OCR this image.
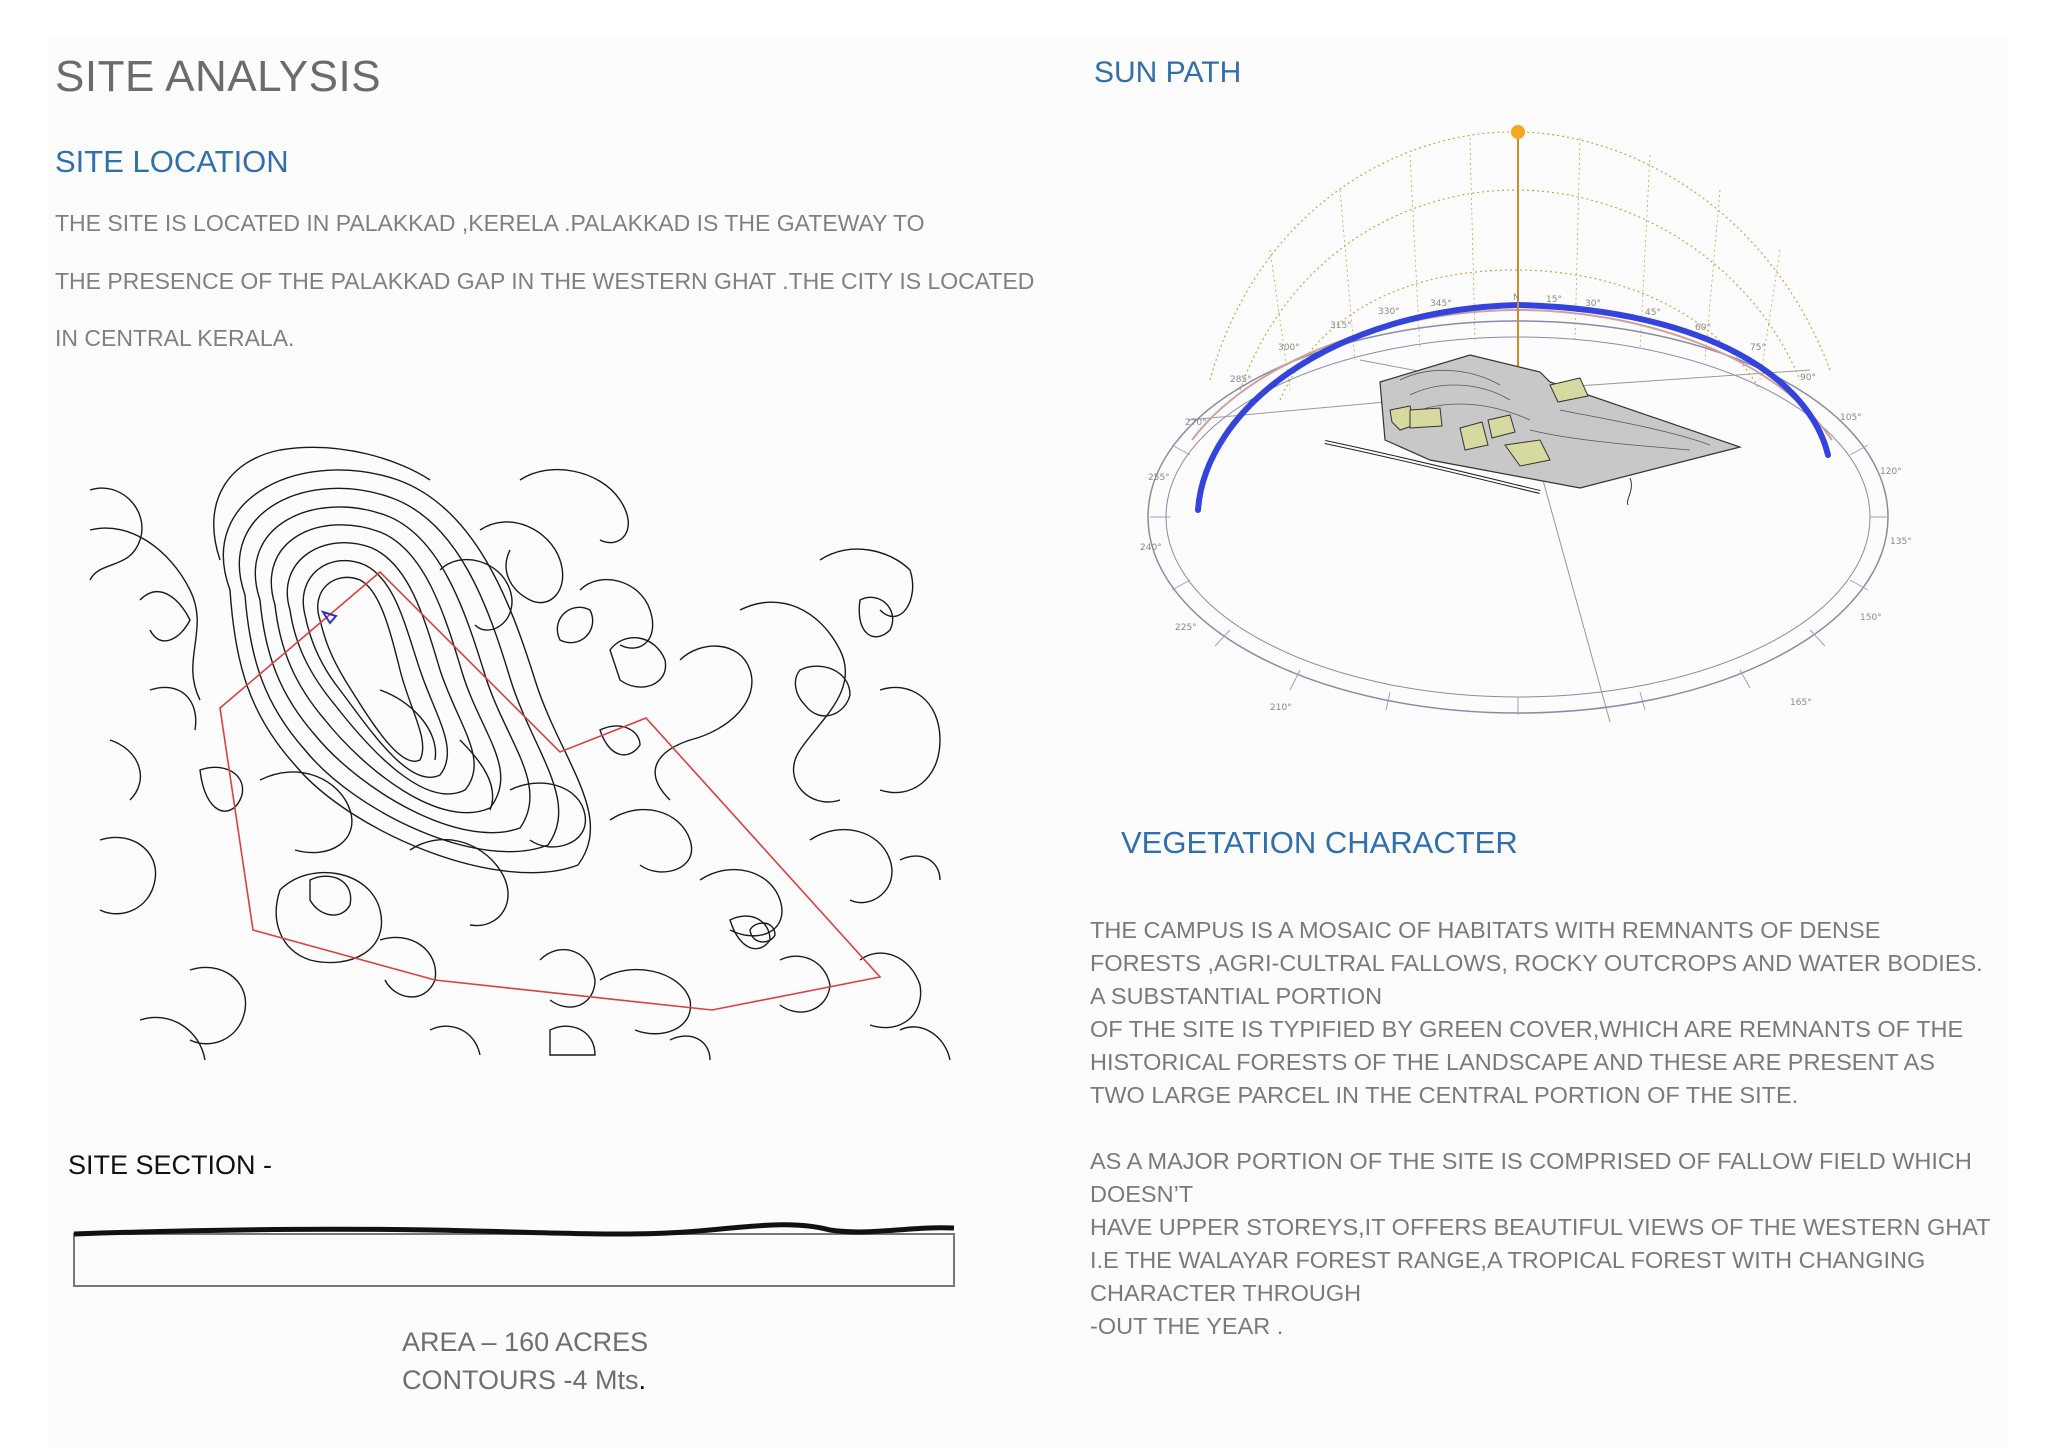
SITE ANALYSIS
SITE LOCATION
THE SITE IS LOCATED IN PALAKKAD ,KERELA .PALAKKAD IS THE GATEWAY TO
THE PRESENCE OF THE PALAKKAD GAP IN THE WESTERN GHAT .THE CITY IS LOCATED
IN CENTRAL KERALA.
SITE SECTION -
AREA – 160 ACRES
CONTOURS -4 Mts.
SUN PATH
N
345°	15°	30°
45°
60°
75°
90°
105°
120°
135°
150°
165°
210°
225°
240°
255°
270°
285°
300°
315°
330°
VEGETATION CHARACTER
THE CAMPUS IS A MOSAIC OF HABITATS WITH REMNANTS OF DENSE
FORESTS ,AGRI-CULTRAL FALLOWS, ROCKY OUTCROPS AND WATER BODIES.
A SUBSTANTIAL PORTION
OF THE SITE IS TYPIFIED BY GREEN COVER,WHICH ARE REMNANTS OF THE
HISTORICAL FORESTS OF THE LANDSCAPE AND THESE ARE PRESENT AS
TWO LARGE PARCEL IN THE CENTRAL PORTION OF THE SITE.
AS A MAJOR PORTION OF THE SITE IS COMPRISED OF FALLOW FIELD WHICH
DOESN’T
HAVE UPPER STOREYS,IT OFFERS BEAUTIFUL VIEWS OF THE WESTERN GHAT
I.E THE WALAYAR FOREST RANGE,A TROPICAL FOREST WITH CHANGING
CHARACTER THROUGH
-OUT THE YEAR .
